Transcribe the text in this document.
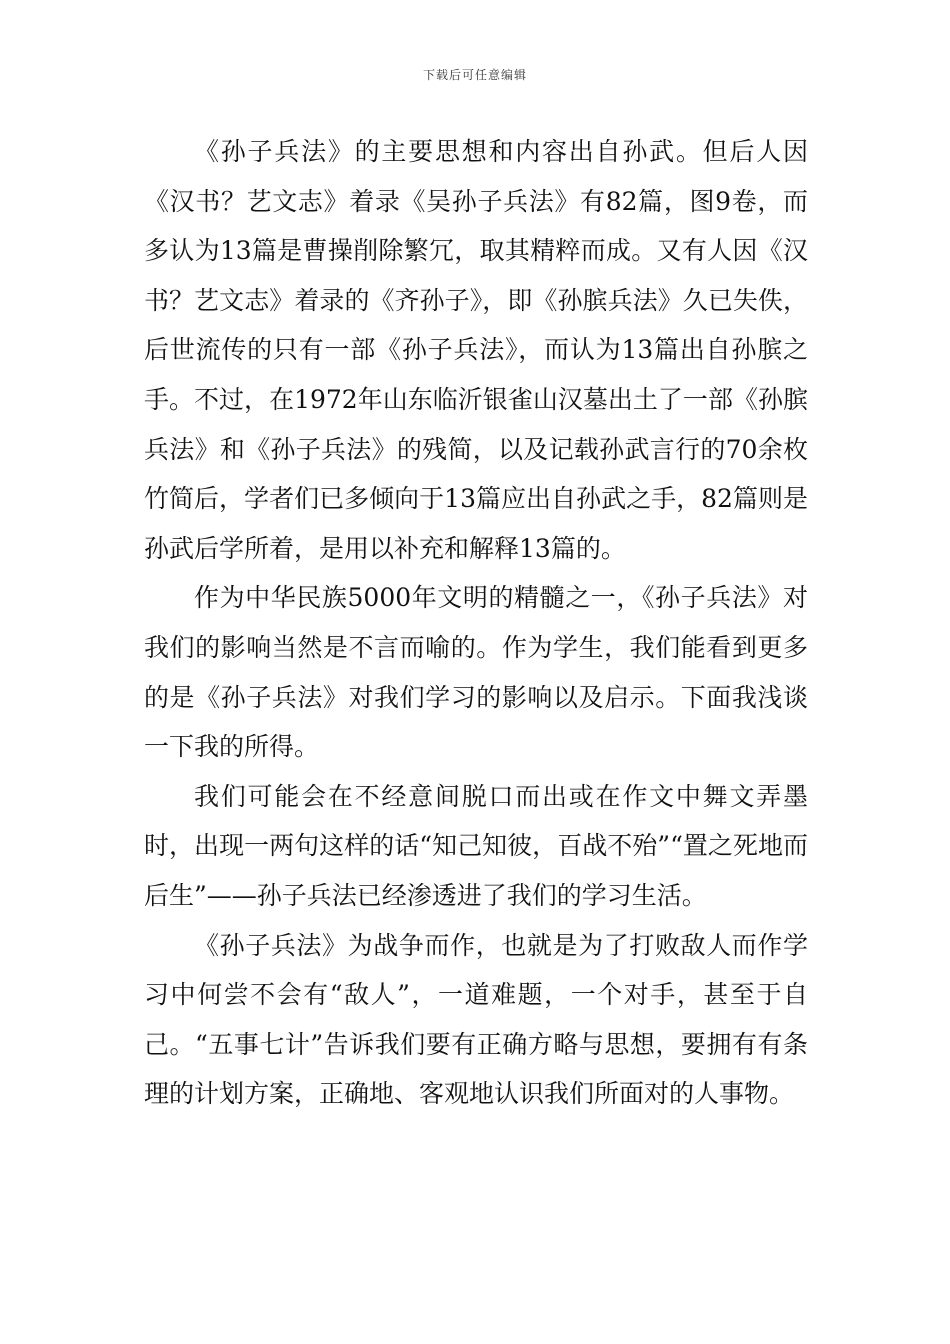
下载后可任意编辑

《孙子兵法》的主要思想和内容出自孙武。但后人因《汉书？艺文志》着录《吴孙子兵法》有82篇，图9卷，而多认为13篇是曹操削除繁冗，取其精粹而成。又有人因《汉书？艺文志》着录的《齐孙子》，即《孙膑兵法》久已失佚，后世流传的只有一部《孙子兵法》，而认为13篇出自孙膑之手。不过，在1972年山东临沂银雀山汉墓出土了一部《孙膑兵法》和《孙子兵法》的残简，以及记载孙武言行的70余枚竹简后，学者们已多倾向于13篇应出自孙武之手，82篇则是孙武后学所着，是用以补充和解释13篇的。

作为中华民族5000年文明的精髓之一，《孙子兵法》对我们的影响当然是不言而喻的。作为学生，我们能看到更多的是《孙子兵法》对我们学习的影响以及启示。下面我浅谈一下我的所得。

我们可能会在不经意间脱口而出或在作文中舞文弄墨时，出现一两句这样的话“知己知彼，百战不殆”“置之死地而后生”——孙子兵法已经渗透进了我们的学习生活。

《孙子兵法》为战争而作，也就是为了打败敌人而作学习中何尝不会有“敌人”，一道难题，一个对手，甚至于自己。“五事七计”告诉我们要有正确方略与思想，要拥有有条理的计划方案，正确地、客观地认识我们所面对的人事物。
